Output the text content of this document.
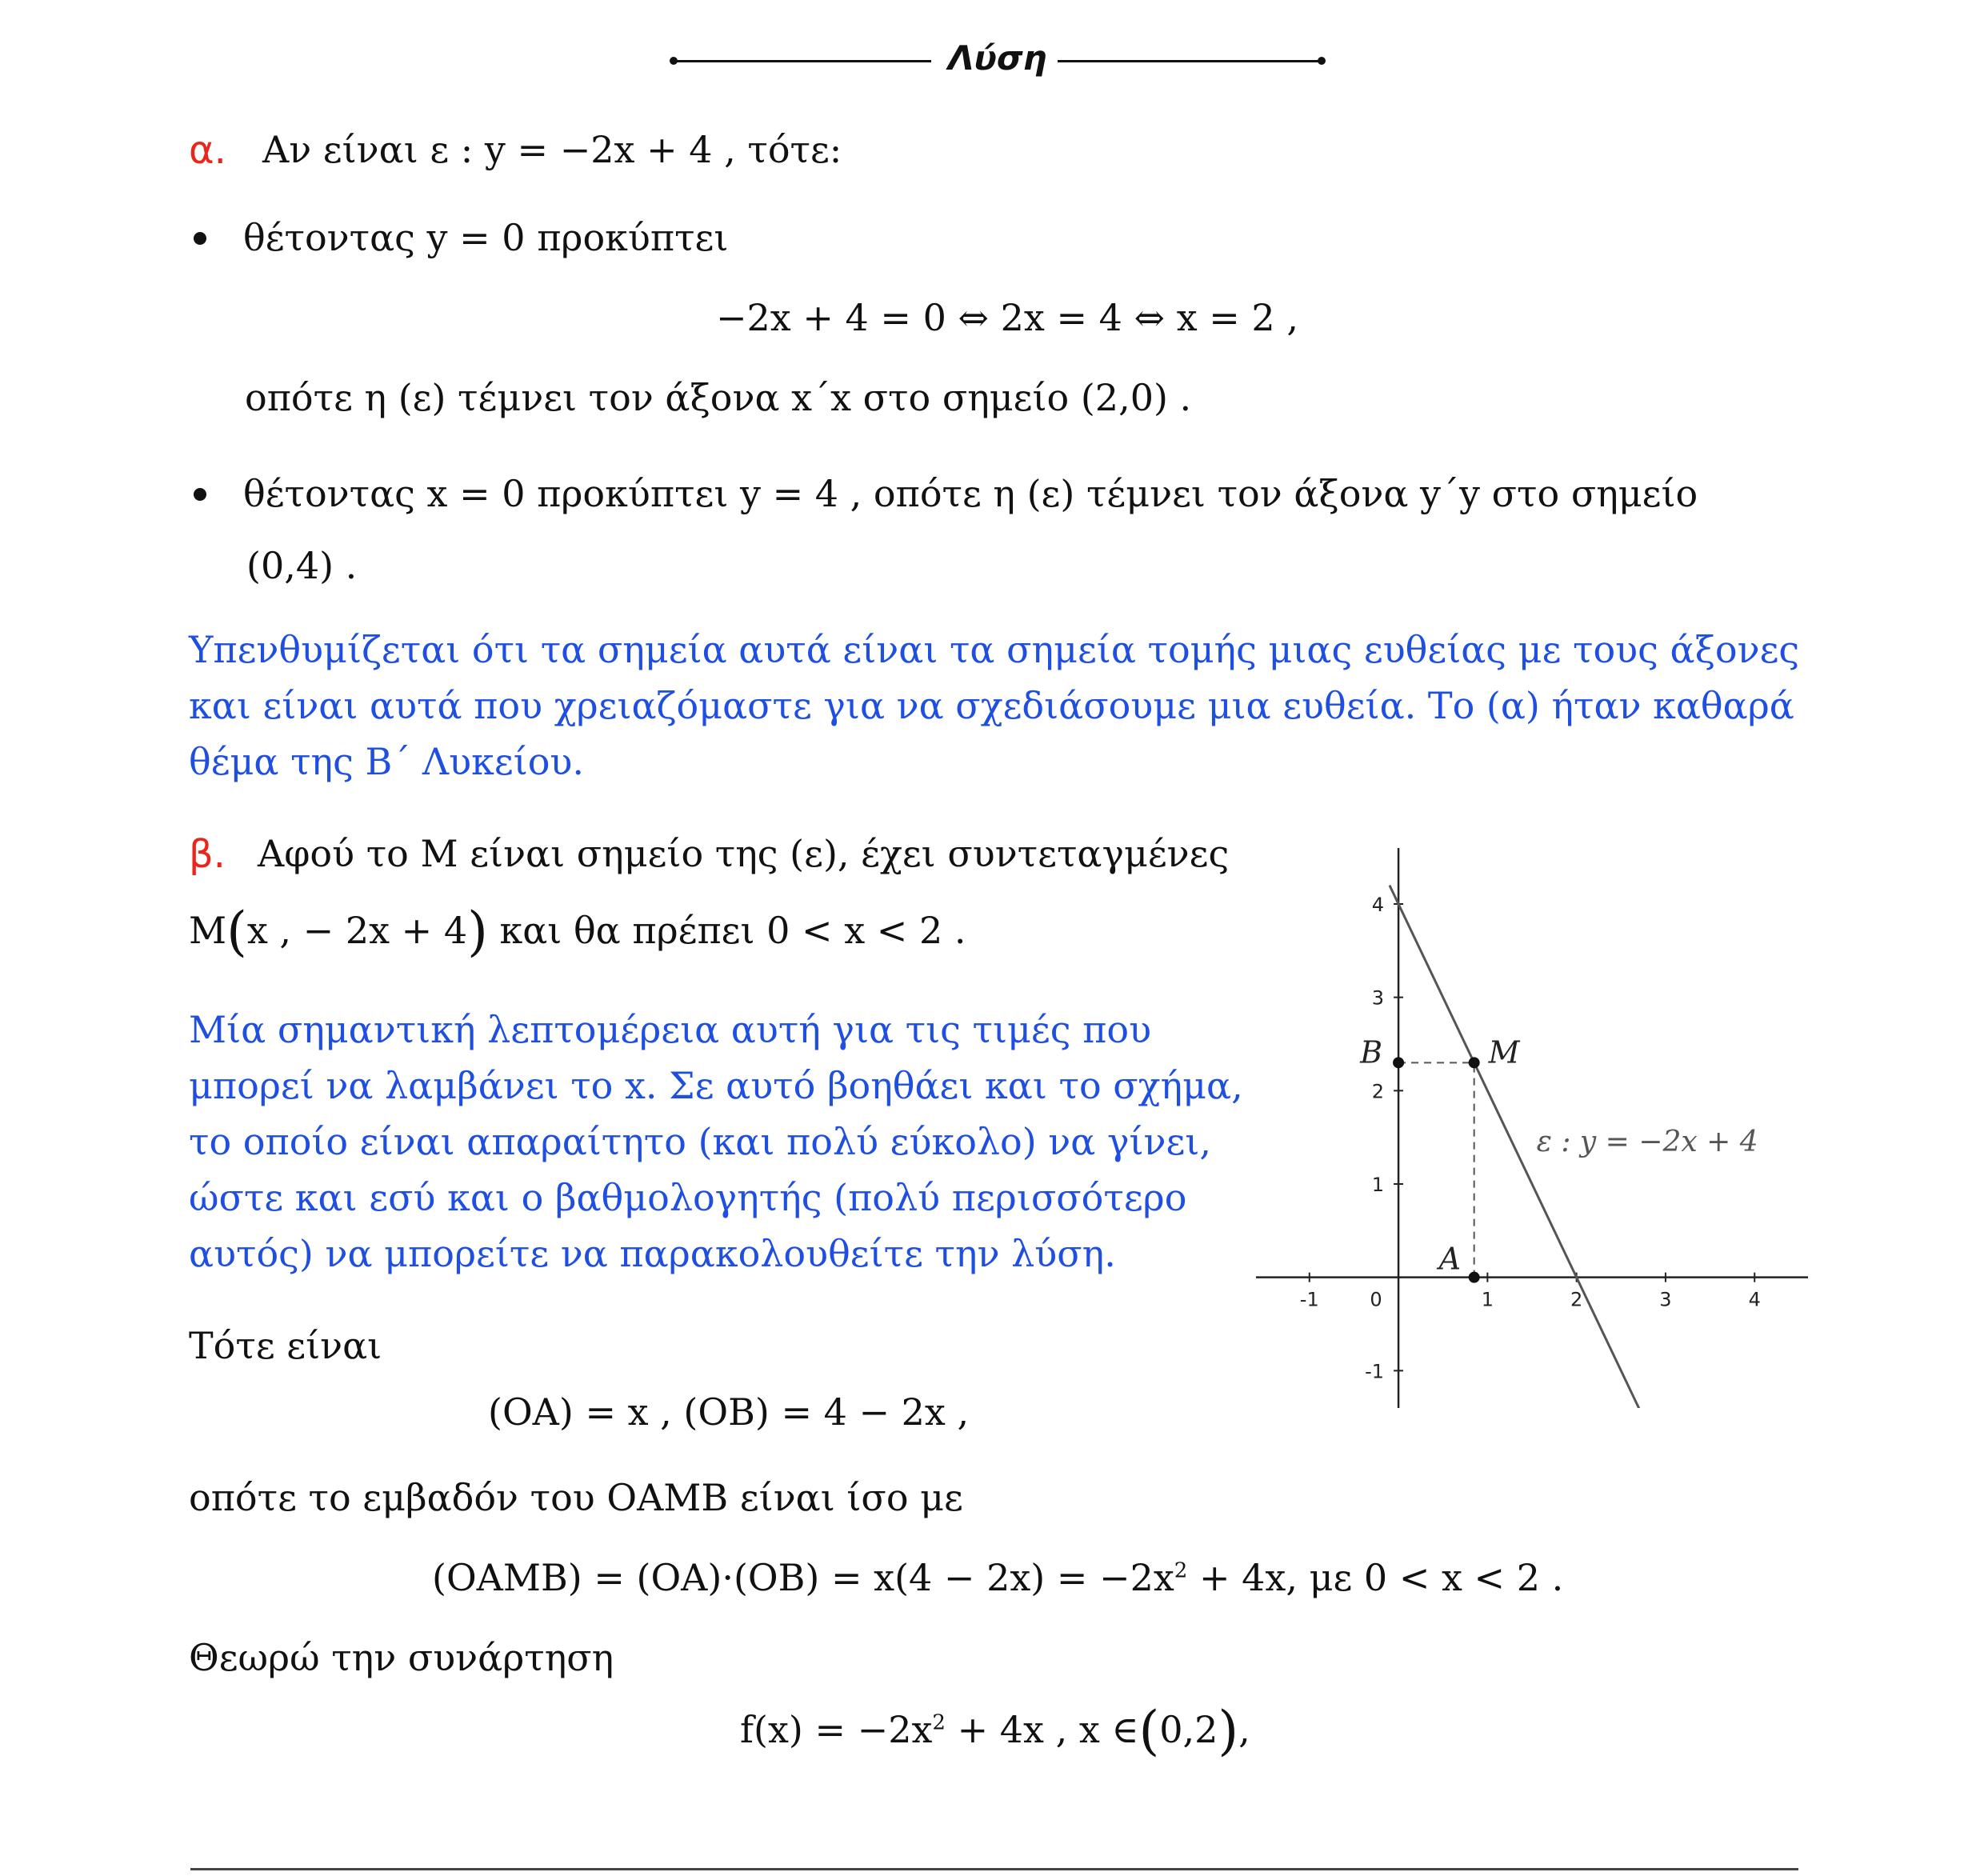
Λύση
α. Αν είναι ε : y = −2x + 4 , τότε:
θέτοντας y = 0 προκύπτει
−2x + 4 = 0 ⇔ 2x = 4 ⇔ x = 2 ,
οπότε η (ε) τέμνει τον άξονα x΄x στο σημείο (2,0) .
θέτοντας x = 0 προκύπτει y = 4 , οπότε η (ε) τέμνει τον άξονα y΄y στο σημείο
(0,4) .
Υπενθυμίζεται ότι τα σημεία αυτά είναι τα σημεία τομής μιας ευθείας με τους άξονες
και είναι αυτά που χρειαζόμαστε για να σχεδιάσουμε μια ευθεία. Το (α) ήταν καθαρά
θέμα της Β΄ Λυκείου.
β. Αφού το Μ είναι σημείο της (ε), έχει συντεταγμένες
M(x , − 2x + 4) και θα πρέπει 0 < x < 2 .
Μία σημαντική λεπτομέρεια αυτή για τις τιμές που
μπορεί να λαμβάνει το x. Σε αυτό βοηθάει και το σχήμα,
το οποίο είναι απαραίτητο (και πολύ εύκολο) να γίνει,
ώστε και εσύ και ο βαθμολογητής (πολύ περισσότερο
αυτός) να μπορείτε να παρακολουθείτε την λύση.
Τότε είναι
(OA) = x , (OB) = 4 − 2x ,
οπότε το εμβαδόν του OAMB είναι ίσο με
(OAMB) = $(OA)\cdot(OB) = x(4 - 2x) = -2x^2 + 4x$, με 0 < x < 2 .
Θεωρώ την συνάρτηση
$f(x) = -2x^2 + 4x$ , x ∈(0,2),
-1	0	1	2	3	4
-1
1
2
3
4
A
B	M
ε : y = −2x + 4
